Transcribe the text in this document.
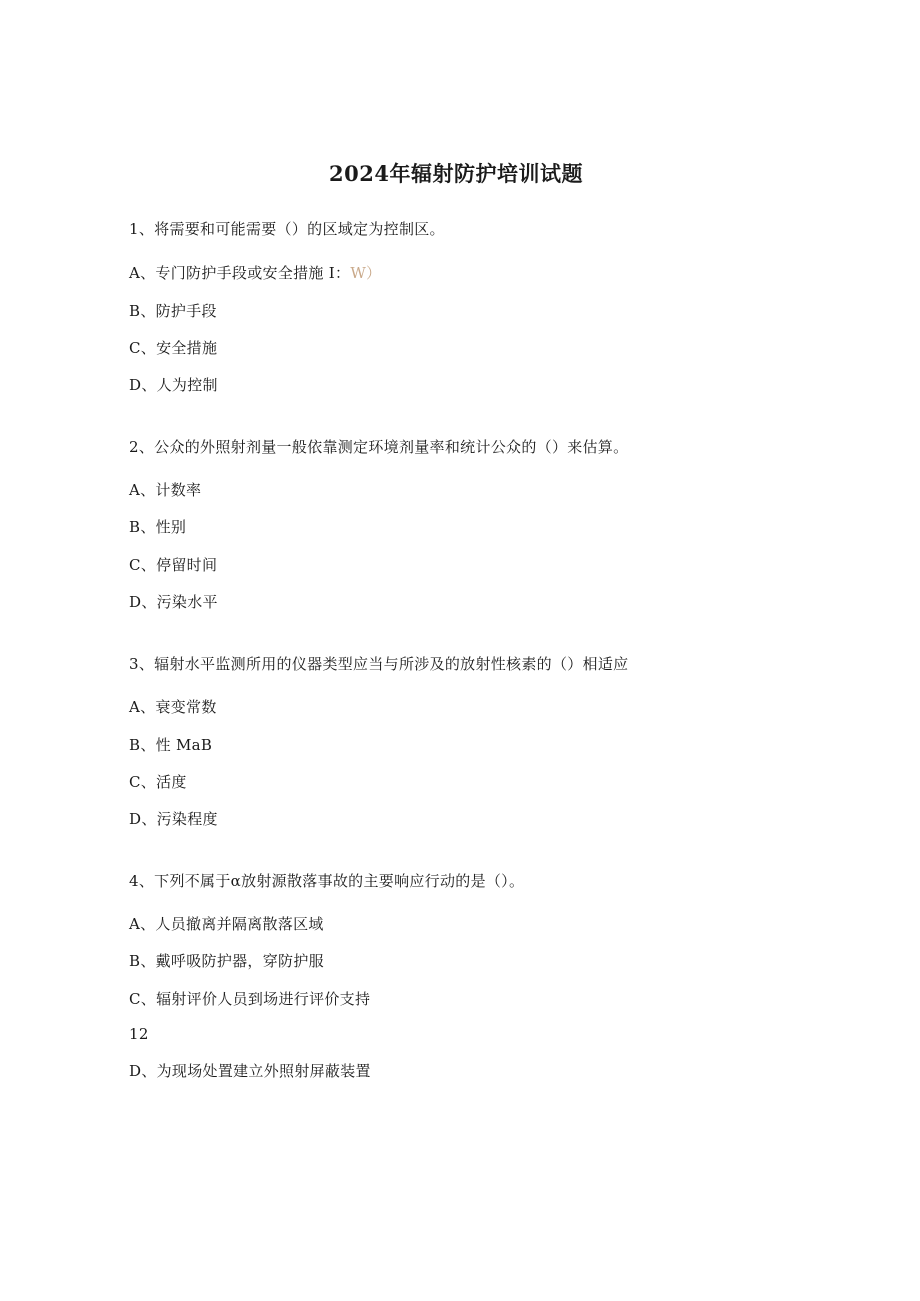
2024年辐射防护培训试题
1、将需要和可能需要（）的区域定为控制区。
A、专门防护手段或安全措施 I：W）
B、防护手段
C、安全措施
D、人为控制
2、公众的外照射剂量一般依靠测定环境剂量率和统计公众的（）来估算。
A、计数率
B、性别
C、停留时间
D、污染水平
3、辐射水平监测所用的仪器类型应当与所涉及的放射性核素的（）相适应
A、衰变常数
B、性 MaB
C、活度
D、污染程度
4、下列不属于α放射源散落事故的主要响应行动的是（）。
A、人员撤离并隔离散落区域
B、戴呼吸防护器，穿防护服
C、辐射评价人员到场进行评价支持
12
D、为现场处置建立外照射屏蔽装置
